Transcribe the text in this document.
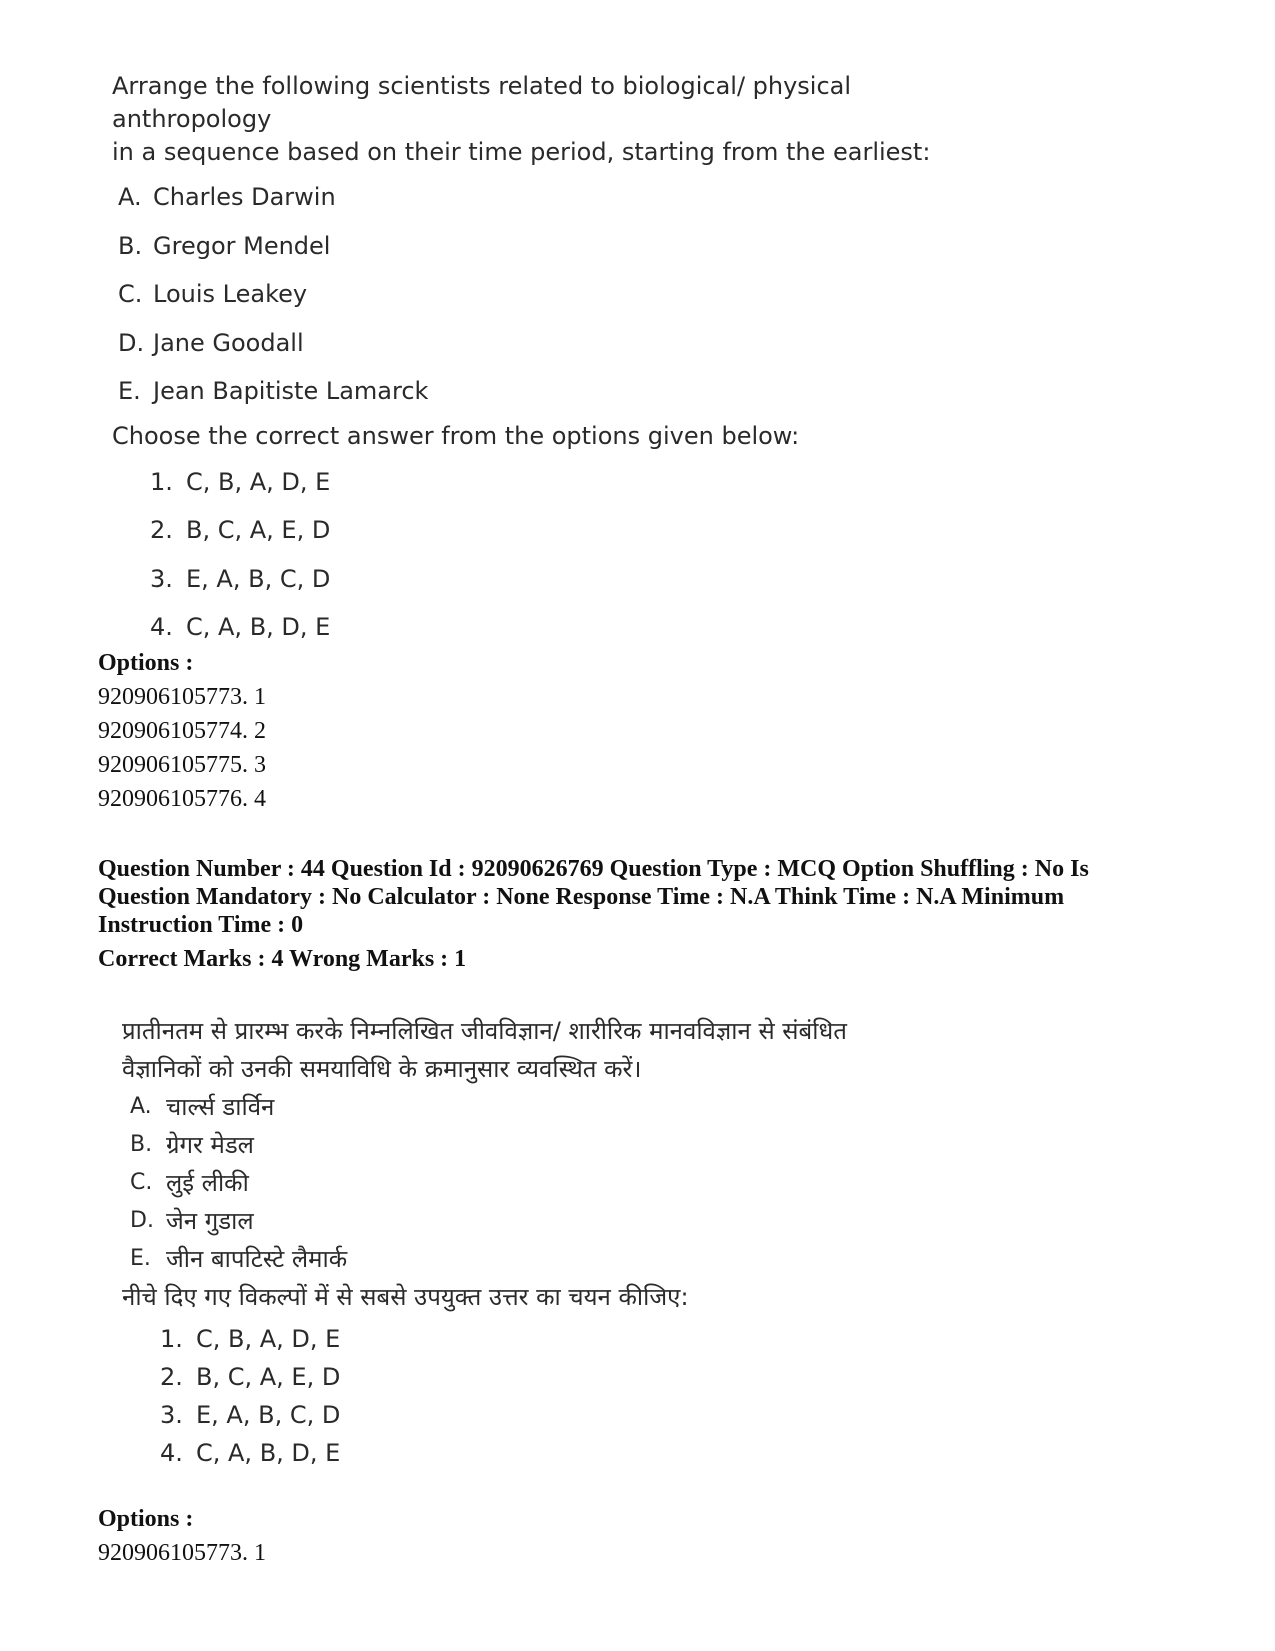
Arrange the following scientists related to biological/ physical anthropology
in a sequence based on their time period, starting from the earliest:

A. Charles Darwin
B. Gregor Mendel
C. Louis Leakey
D. Jane Goodall
E. Jean Bapitiste Lamarck

Choose the correct answer from the options given below:

1. C, B, A, D, E
2. B, C, A, E, D
3. E, A, B, C, D
4. C, A, B, D, E
Options :
920906105773. 1
920906105774. 2
920906105775. 3
920906105776. 4
Question Number : 44 Question Id : 92090626769 Question Type : MCQ Option Shuffling : No Is
Question Mandatory : No Calculator : None Response Time : N.A Think Time : N.A Minimum
Instruction Time : 0
Correct Marks : 4 Wrong Marks : 1

प्रातीनतम से प्रारम्भ करके निम्नलिखित जीवविज्ञान/ शारीरिक मानवविज्ञान से संबंधित
वैज्ञानिकों को उनकी समयाविधि के क्रमानुसार व्यवस्थित करें।

A. चार्ल्स डार्विन
B. ग्रेगर मेडल
C. लुई लीकी
D. जेन गुडाल
E. जीन बापटिस्टे लैमार्क

नीचे दिए गए विकल्पों में से सबसे उपयुक्त उत्तर का चयन कीजिए:

1. C, B, A, D, E
2. B, C, A, E, D
3. E, A, B, C, D
4. C, A, B, D, E
Options :
920906105773. 1
